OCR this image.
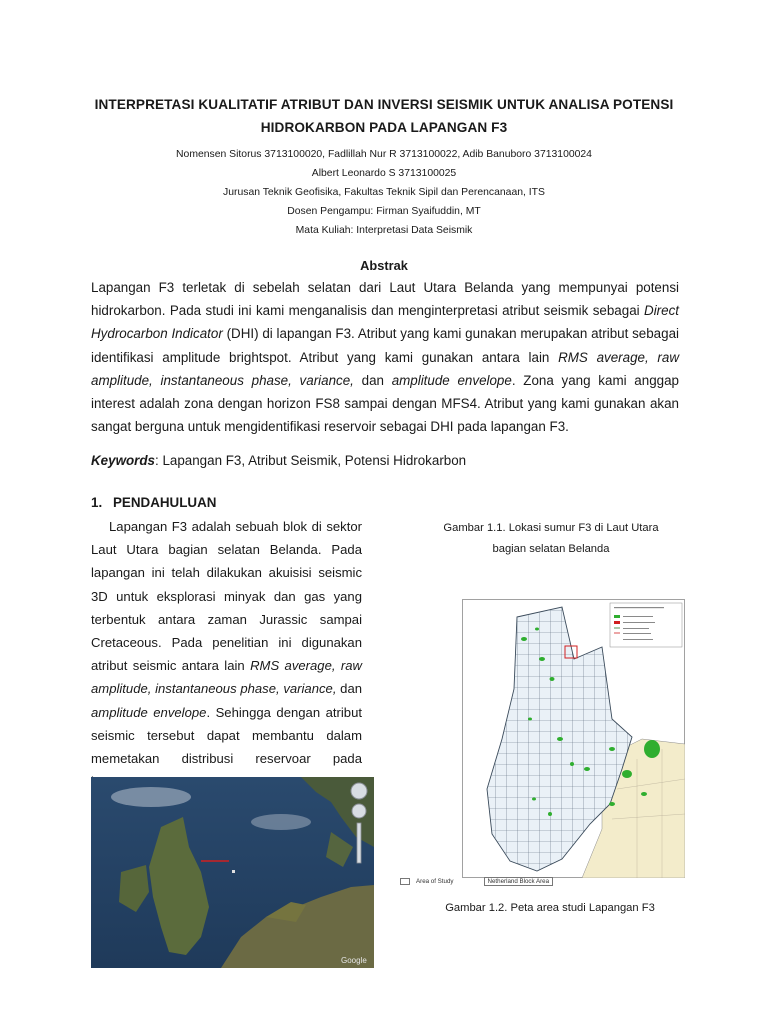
INTERPRETASI KUALITATIF ATRIBUT DAN INVERSI SEISMIK UNTUK ANALISA POTENSI
HIDROKARBON PADA LAPANGAN F3
Nomensen Sitorus 3713100020, Fadlillah Nur R 3713100022, Adib Banuboro 3713100024
Albert Leonardo S 3713100025
Jurusan Teknik Geofisika, Fakultas Teknik Sipil dan Perencanaan, ITS
Dosen Pengampu: Firman Syaifuddin, MT
Mata Kuliah: Interpretasi Data Seismik
Abstrak
Lapangan F3 terletak di sebelah selatan dari Laut Utara Belanda yang mempunyai potensi hidrokarbon. Pada studi ini kami menganalisis dan menginterpretasi atribut seismik sebagai Direct Hydrocarbon Indicator (DHI) di lapangan F3. Atribut yang kami gunakan merupakan atribut sebagai identifikasi amplitude brightspot. Atribut yang kami gunakan antara lain RMS average, raw amplitude, instantaneous phase, variance, dan amplitude envelope. Zona yang kami anggap interest adalah zona dengan horizon FS8 sampai dengan MFS4. Atribut yang kami gunakan akan sangat berguna untuk mengidentifikasi reservoir sebagai DHI pada lapangan F3.
Keywords: Lapangan F3, Atribut Seismik, Potensi Hidrokarbon
1. PENDAHULUAN
Lapangan F3 adalah sebuah blok di sektor Laut Utara bagian selatan Belanda. Pada lapangan ini telah dilakukan akuisisi seismic 3D untuk eksplorasi minyak dan gas yang terbentuk antara zaman Jurassic sampai Cretaceous. Pada penelitian ini digunakan atribut seismic antara lain RMS average, raw amplitude, instantaneous phase, variance, dan amplitude envelope. Sehingga dengan atribut seismic tersebut dapat membantu dalam memetakan distribusi reservoar pada
Gambar 1.1. Lokasi sumur F3 di Laut Utara
bagian selatan Belanda
Area of Study	Netherland Block Area
Gambar 1.2. Peta area studi Lapangan F3
Google
